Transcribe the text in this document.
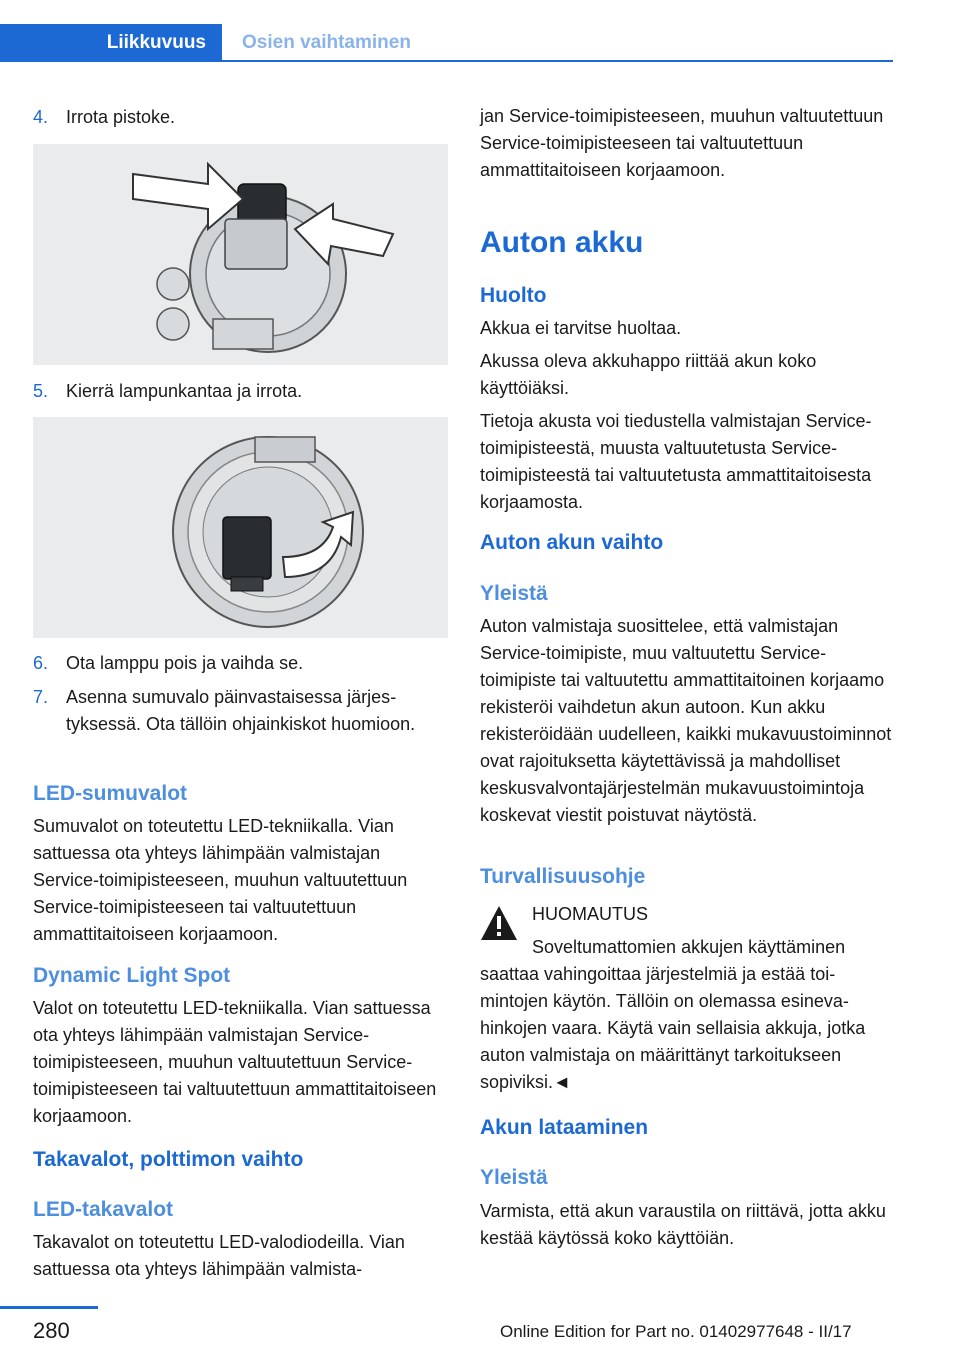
Liikkuvuus	Osien vaihtaminen
4. Irrota pistoke.
5. Kierrä lampunkantaa ja irrota.
6. Ota lamppu pois ja vaihda se.
7. Asenna sumuvalo päinvastaisessa järjestyksessä. Ota tällöin ohjainkiskot huomioon.
LED-sumuvalot
Sumuvalot on toteutettu LED-tekniikalla. Vian sattuessa ota yhteys lähimpään valmistajan Service-toimipisteeseen, muuhun valtuutettuun Service-toimipisteeseen tai valtuutettuun ammattitaitoiseen korjaamoon.
Dynamic Light Spot
Valot on toteutettu LED-tekniikalla. Vian sattuessa ota yhteys lähimpään valmistajan Service-toimipisteeseen, muuhun valtuutettuun Service-toimipisteeseen tai valtuutettuun ammattitaitoiseen korjaamoon.
Takavalot, polttimon vaihto
LED-takavalot
Takavalot on toteutettu LED-valodiodeilla. Vian sattuessa ota yhteys lähimpään valmista-
jan Service-toimipisteeseen, muuhun valtuutettuun Service-toimipisteeseen tai valtuutettuun ammattitaitoiseen korjaamoon.
Auton akku
Huolto
Akkua ei tarvitse huoltaa.
Akussa oleva akkuhappo riittää akun koko käyttöiäksi.
Tietoja akusta voi tiedustella valmistajan Service-toimipisteestä, muusta valtuutetusta Service-toimipisteestä tai valtuutetusta ammattitaitoisesta korjaamosta.
Auton akun vaihto
Yleistä
Auton valmistaja suosittelee, että valmistajan Service-toimipiste, muu valtuutettu Service-toimipiste tai valtuutettu ammattitaitoinen korjaamo rekisteröi vaihdetun akun autoon. Kun akku rekisteröidään uudelleen, kaikki mukavuustoiminnot ovat rajoituksetta käytettävissä ja mahdolliset keskusvalvontajärjestelmän mukavuustoimintoja koskevat viestit poistuvat näytöstä.
Turvallisuusohje
HUOMAUTUS
Soveltumattomien akkujen käyttäminen
saattaa vahingoittaa järjestelmiä ja estää toimintojen käytön. Tällöin on olemassa esinevahinkojen vaara. Käytä vain sellaisia akkuja, jotka auton valmistaja on määrittänyt tarkoitukseen sopiviksi.◄
Akun lataaminen
Yleistä
Varmista, että akun varaustila on riittävä, jotta akku kestää käytössä koko käyttöiän.
280	Online Edition for Part no. 01402977648 - II/17
